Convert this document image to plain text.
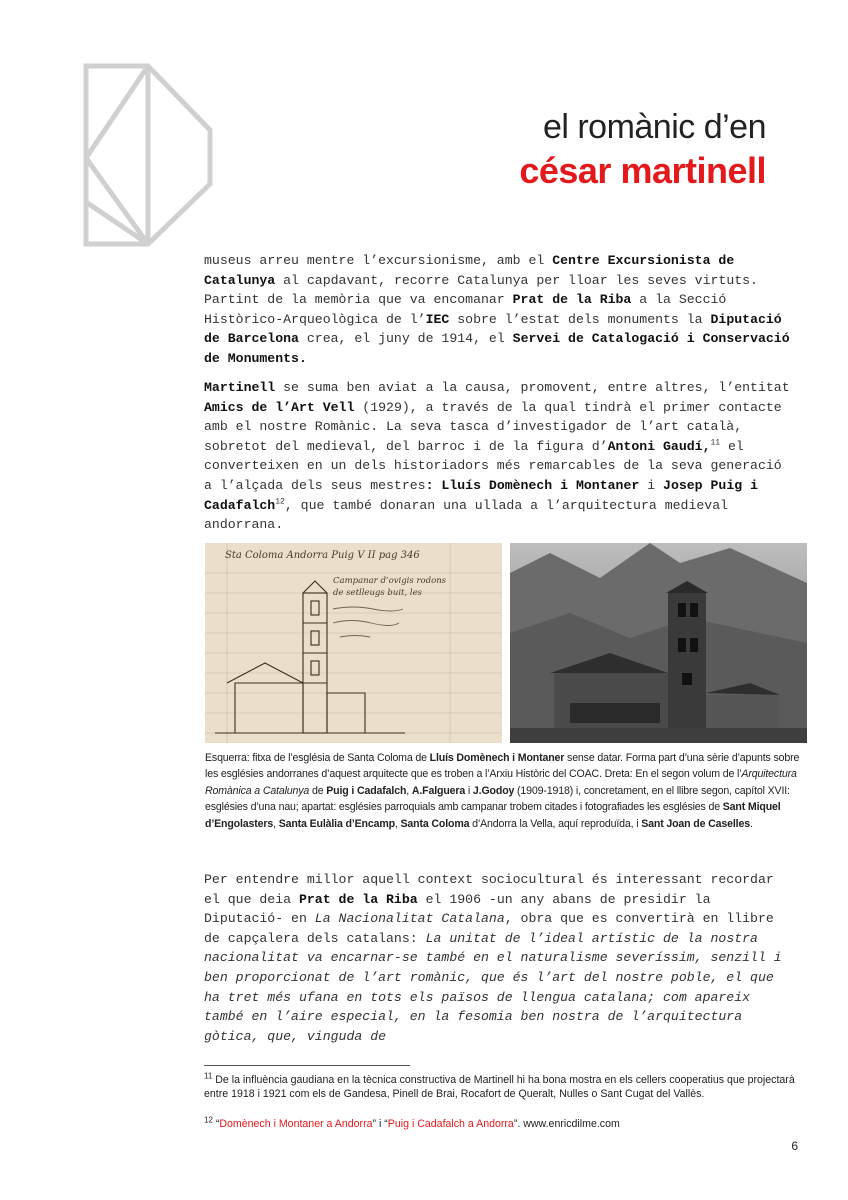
el romànic d’en
césar martinell

museus arreu mentre l’excursionisme, amb el Centre Excursionista de Catalunya al capdavant, recorre Catalunya per lloar les seves virtuts. Partint de la memòria que va encomanar Prat de la Riba a la Secció Històrico-Arqueològica de l’IEC sobre l’estat dels monuments la Diputació de Barcelona crea, el juny de 1914, el Servei de Catalogació i Conservació de Monuments.

Martinell se suma ben aviat a la causa, promovent, entre altres, l’entitat Amics de l’Art Vell (1929), a través de la qual tindrà el primer contacte amb el nostre Romànic. La seva tasca d’investigador de l’art català, sobretot del medieval, del barroc i de la figura d’Antoni Gaudí,$^{11}$ el converteixen en un dels historiadors més remarcables de la seva generació a l’alçada dels seus mestres: Lluís Domènech i Montaner i Josep Puig i Cadafalch$^{12}$, que també donaran una ullada a l’arquitectura medieval andorrana.

Sta Coloma Andorra Puig V II pag 346
Campanar d’ovigis rodons
de setlleugs buit, les

Esquerra: fitxa de l’església de Santa Coloma de Lluís Domènech i Montaner sense datar. Forma part d’una sèrie d’apunts sobre les esglésies andorranes d’aquest arquitecte que es troben a l’Arxiu Històric del COAC. Dreta: En el segon volum de l’Arquitectura Romànica a Catalunya de Puig i Cadafalch, A.Falguera i J.Godoy (1909-1918) i, concretament, en el llibre segon, capítol XVII: esglésies d’una nau; apartat: esglésies parroquials amb campanar trobem citades i fotografiades les esglésies de Sant Miquel d’Engolasters, Santa Eulàlia d’Encamp, Santa Coloma d’Andorra la Vella, aquí reproduïda, i Sant Joan de Caselles.

Per entendre millor aquell context sociocultural és interessant recordar el que deia Prat de la Riba el 1906 -un any abans de presidir la Diputació- en La Nacionalitat Catalana, obra que es convertirà en llibre de capçalera dels catalans: La unitat de l’ideal artístic de la nostra nacionalitat va encarnar-se també en el naturalisme severíssim, senzill i ben proporcionat de l’art romànic, que és l’art del nostre poble, el que ha tret més ufana en tots els països de llengua catalana; com apareix també en l’aire especial, en la fesomia ben nostra de l’arquitectura gòtica, que, vinguda de

$^{11}$ De la influència gaudiana en la tècnica constructiva de Martinell hi ha bona mostra en els cellers cooperatius que projectarà entre 1918 i 1921 com els de Gandesa, Pinell de Brai, Rocafort de Queralt, Nulles o Sant Cugat del Vallès.

$^{12}$ “Domènech i Montaner a Andorra” i “Puig i Cadafalch a Andorra”. www.enricdilme.com

6
